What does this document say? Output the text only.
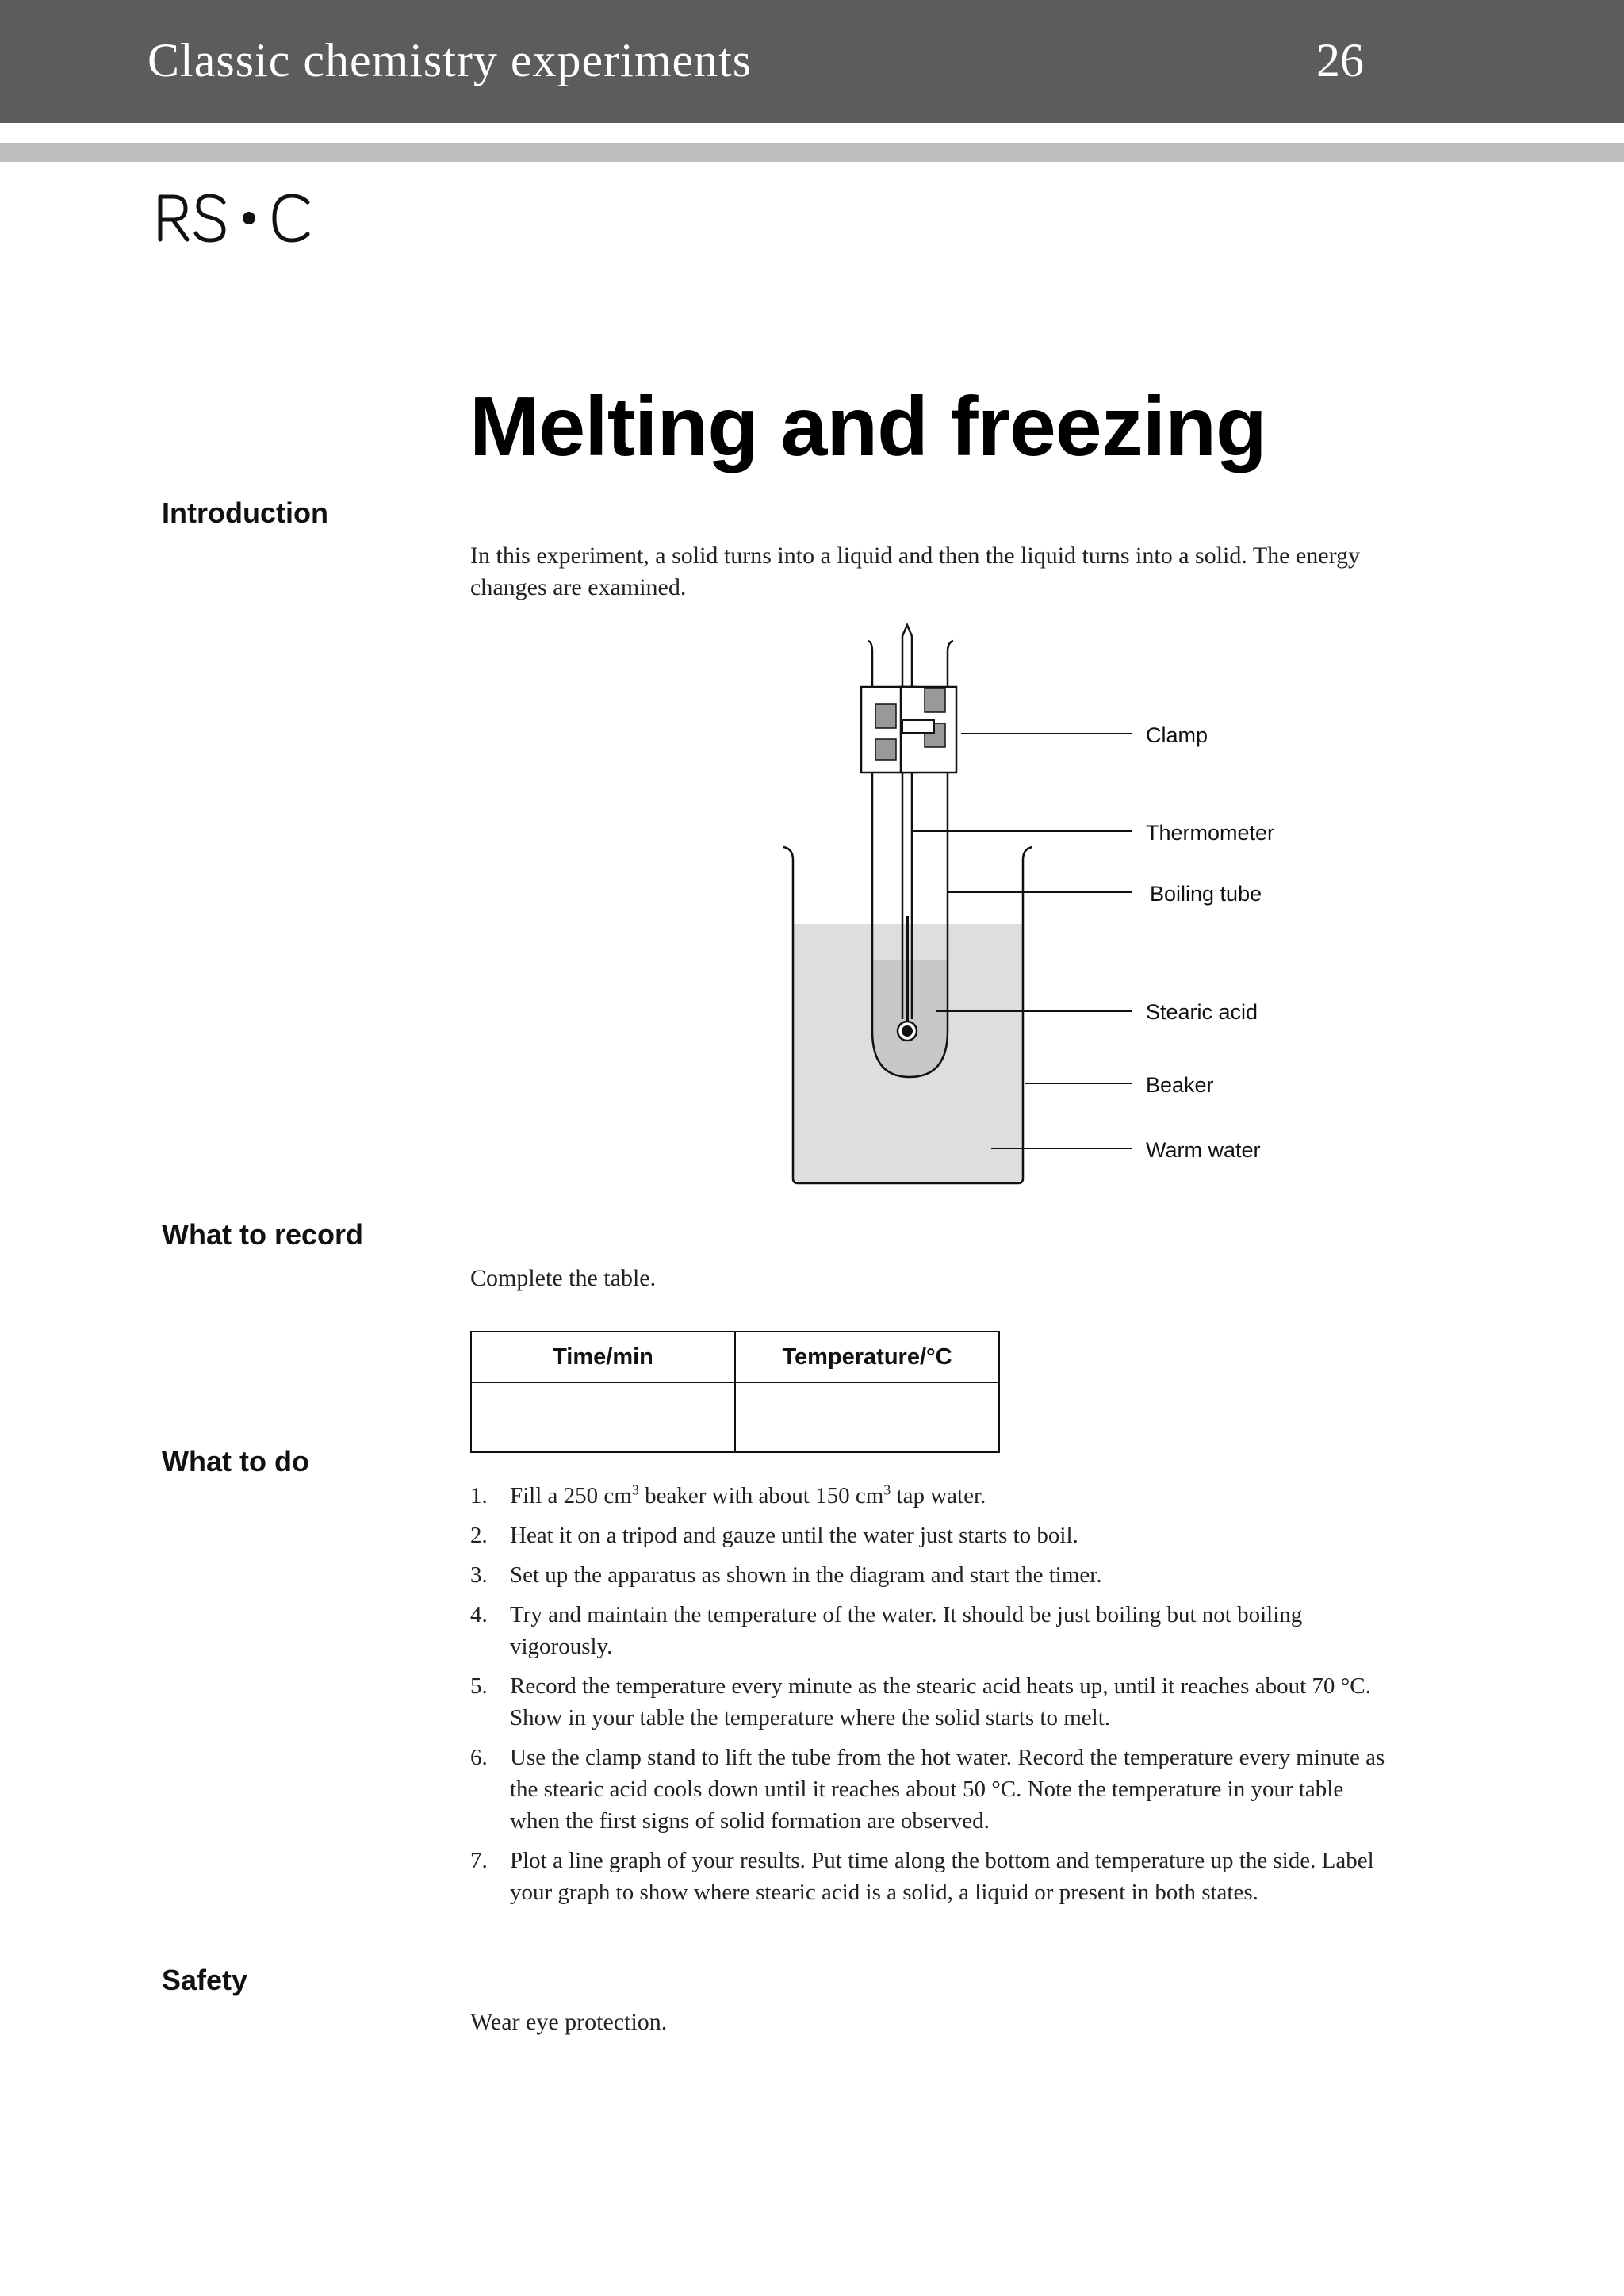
Classic chemistry experiments	26
Melting and freezing
Introduction
In this experiment, a solid turns into a liquid and then the liquid turns into a solid. The energy changes are examined.
Clamp
Thermometer
Boiling tube
Stearic acid
Beaker
Warm water
What to record
Complete the table.
Time/min	Temperature/°C

What to do
1. Fill a 250 $cm^3$ beaker with about 150 $cm^3$ tap water.
2. Heat it on a tripod and gauze until the water just starts to boil.
3. Set up the apparatus as shown in the diagram and start the timer.
4. Try and maintain the temperature of the water. It should be just boiling but not boiling vigorously.
5. Record the temperature every minute as the stearic acid heats up, until it reaches about 70 °C. Show in your table the temperature where the solid starts to melt.
6. Use the clamp stand to lift the tube from the hot water. Record the temperature every minute as the stearic acid cools down until it reaches about 50 °C. Note the temperature in your table when the first signs of solid formation are observed.
7. Plot a line graph of your results. Put time along the bottom and temperature up the side. Label your graph to show where stearic acid is a solid, a liquid or present in both states.
Safety
Wear eye protection.
